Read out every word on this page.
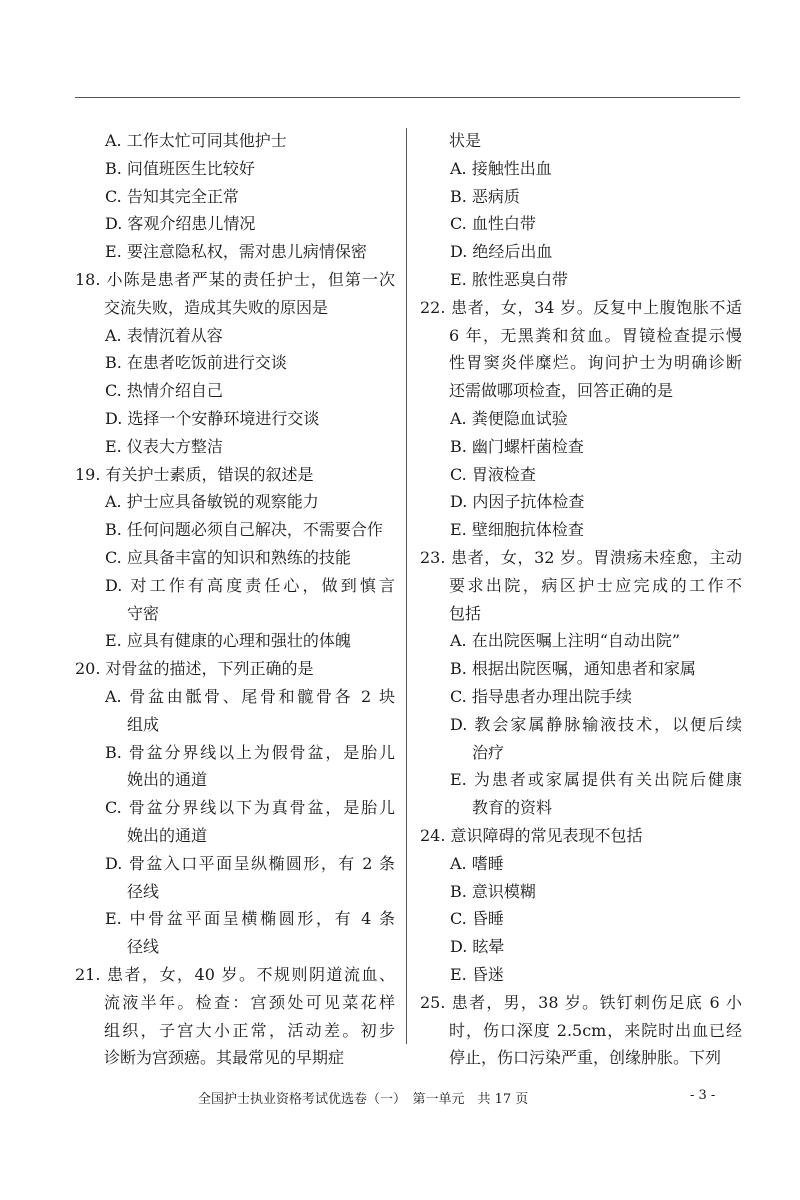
A. 工作太忙可同其他护士
B. 问值班医生比较好
C. 告知其完全正常
D. 客观介绍患儿情况
E. 要注意隐私权，需对患儿病情保密
18. 小陈是患者严某的责任护士，但第一次
交流失败，造成其失败的原因是
A. 表情沉着从容
B. 在患者吃饭前进行交谈
C. 热情介绍自己
D. 选择一个安静环境进行交谈
E. 仪表大方整洁
19. 有关护士素质，错误的叙述是
A. 护士应具备敏锐的观察能力
B. 任何问题必须自己解决，不需要合作
C. 应具备丰富的知识和熟练的技能
D. 对工作有高度责任心，做到慎言
守密
E. 应具有健康的心理和强壮的体魄
20. 对骨盆的描述，下列正确的是
A. 骨盆由骶骨、尾骨和髋骨各 2 块
组成
B. 骨盆分界线以上为假骨盆，是胎儿
娩出的通道
C. 骨盆分界线以下为真骨盆，是胎儿
娩出的通道
D. 骨盆入口平面呈纵椭圆形，有 2 条
径线
E. 中骨盆平面呈横椭圆形，有 4 条
径线
21. 患者，女，40 岁。不规则阴道流血、
流液半年。检查：宫颈处可见菜花样
组织，子宫大小正常，活动差。初步
诊断为宫颈癌。其最常见的早期症
状是
A. 接触性出血
B. 恶病质
C. 血性白带
D. 绝经后出血
E. 脓性恶臭白带
22. 患者，女，34 岁。反复中上腹饱胀不适
6 年，无黑粪和贫血。胃镜检查提示慢
性胃窦炎伴糜烂。询问护士为明确诊断
还需做哪项检查，回答正确的是
A. 粪便隐血试验
B. 幽门螺杆菌检查
C. 胃液检查
D. 内因子抗体检查
E. 壁细胞抗体检查
23. 患者，女，32 岁。胃溃疡未痊愈，主动
要求出院，病区护士应完成的工作不
包括
A. 在出院医嘱上注明“自动出院”
B. 根据出院医嘱，通知患者和家属
C. 指导患者办理出院手续
D. 教会家属静脉输液技术，以便后续
治疗
E. 为患者或家属提供有关出院后健康
教育的资料
24. 意识障碍的常见表现不包括
A. 嗜睡
B. 意识模糊
C. 昏睡
D. 眩晕
E. 昏迷
25. 患者，男，38 岁。铁钉刺伤足底 6 小
时，伤口深度 2.5cm，来院时出血已经
停止，伤口污染严重，创缘肿胀。下列
全国护士执业资格考试优选卷（一）　第一单元　共 17 页	- 3 -
